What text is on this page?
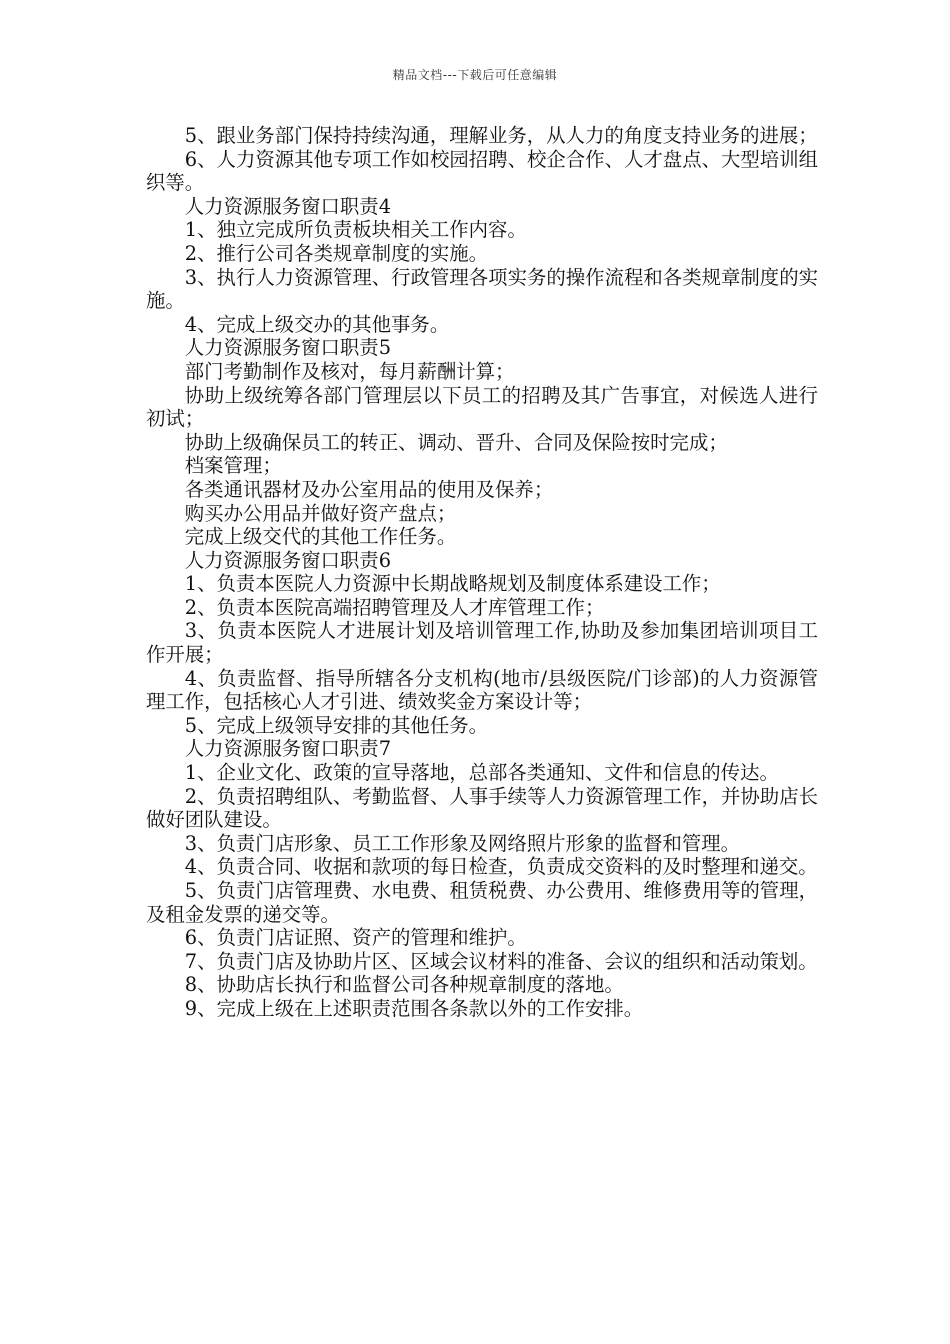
精品文档---下载后可任意编辑

5、跟业务部门保持持续沟通，理解业务，从人力的角度支持业务的进展；

6、人力资源其他专项工作如校园招聘、校企合作、人才盘点、大型培训组织等。

人力资源服务窗口职责4

1、独立完成所负责板块相关工作内容。

2、推行公司各类规章制度的实施。

3、执行人力资源管理、行政管理各项实务的操作流程和各类规章制度的实施。

4、完成上级交办的其他事务。

人力资源服务窗口职责5

部门考勤制作及核对，每月薪酬计算；

协助上级统筹各部门管理层以下员工的招聘及其广告事宜，对候选人进行初试；

协助上级确保员工的转正、调动、晋升、合同及保险按时完成；

档案管理；

各类通讯器材及办公室用品的使用及保养；

购买办公用品并做好资产盘点；

完成上级交代的其他工作任务。

人力资源服务窗口职责6

1、负责本医院人力资源中长期战略规划及制度体系建设工作；

2、负责本医院高端招聘管理及人才库管理工作；

3、负责本医院人才进展计划及培训管理工作,协助及参加集团培训项目工作开展；

4、负责监督、指导所辖各分支机构(地市/县级医院/门诊部)的人力资源管理工作，包括核心人才引进、绩效奖金方案设计等；

5、完成上级领导安排的其他任务。

人力资源服务窗口职责7

1、企业文化、政策的宣导落地，总部各类通知、文件和信息的传达。

2、负责招聘组队、考勤监督、人事手续等人力资源管理工作，并协助店长做好团队建设。

3、负责门店形象、员工工作形象及网络照片形象的监督和管理。

4、负责合同、收据和款项的每日检查，负责成交资料的及时整理和递交。

5、负责门店管理费、水电费、租赁税费、办公费用、维修费用等的管理，及租金发票的递交等。

6、负责门店证照、资产的管理和维护。

7、负责门店及协助片区、区域会议材料的准备、会议的组织和活动策划。

8、协助店长执行和监督公司各种规章制度的落地。

9、完成上级在上述职责范围各条款以外的工作安排。
